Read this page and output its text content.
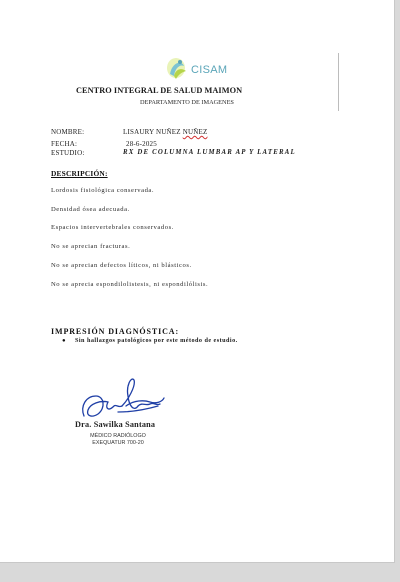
CISAM
CENTRO INTEGRAL DE SALUD MAIMON
DEPARTAMENTO DE IMAGENES
NOMBRE:	LISAURY NUÑEZ NUÑEZ
FECHA:	28-6-2025
ESTUDIO:	RX DE COLUMNA LUMBAR AP Y LATERAL
DESCRIPCIÓN:
Lordosis fisiológica conservada.
Densidad ósea adecuada.
Espacios intervertebrales conservados.
No se aprecian fracturas.
No se aprecian defectos líticos, ni blásticos.
No se aprecia espondilolistesis, ni espondilólisis.
IMPRESIÓN DIAGNÓSTICA:
● Sin hallazgos patológicos por este método de estudio.
Dra. Sawilka Santana
MÉDICO RADIÓLOGO
EXEQUATUR 700-20
